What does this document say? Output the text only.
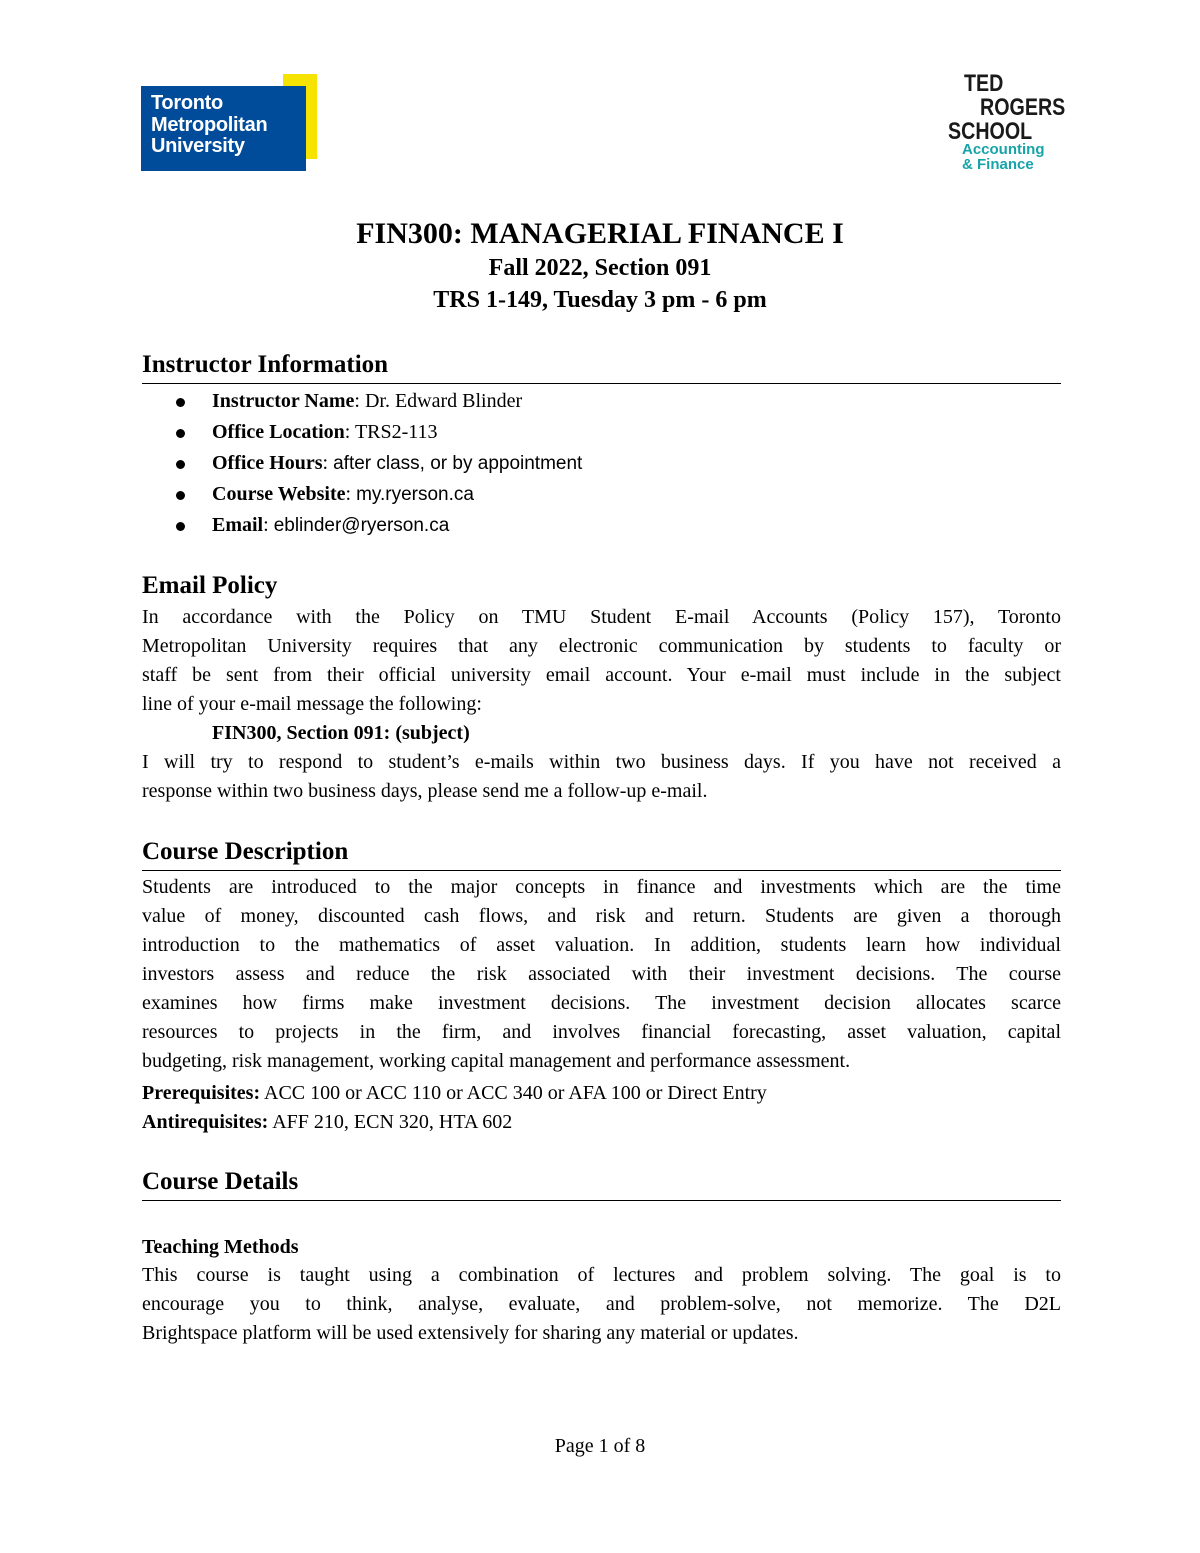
Toronto
Metropolitan
University
TED
ROGERS
SCHOOL
Accounting
& Finance
FIN300: MANAGERIAL FINANCE I
Fall 2022, Section 091
TRS 1-149, Tuesday 3 pm - 6 pm
Instructor Information
Instructor Name: Dr. Edward Blinder
Office Location: TRS2-113
Office Hours: after class, or by appointment
Course Website: my.ryerson.ca
Email: eblinder@ryerson.ca
Email Policy
In accordance with the Policy on TMU Student E-mail Accounts (Policy 157), Toronto
Metropolitan University requires that any electronic communication by students to faculty or
staff be sent from their official university email account. Your e-mail must include in the subject
line of your e-mail message the following:
FIN300, Section 091: (subject)
I will try to respond to student’s e-mails within two business days. If you have not received a
response within two business days, please send me a follow-up e-mail.
Course Description
Students are introduced to the major concepts in finance and investments which are the time
value of money, discounted cash flows, and risk and return. Students are given a thorough
introduction to the mathematics of asset valuation. In addition, students learn how individual
investors assess and reduce the risk associated with their investment decisions. The course
examines how firms make investment decisions. The investment decision allocates scarce
resources to projects in the firm, and involves financial forecasting, asset valuation, capital
budgeting, risk management, working capital management and performance assessment.
Prerequisites: ACC 100 or ACC 110 or ACC 340 or AFA 100 or Direct Entry
Antirequisites: AFF 210, ECN 320, HTA 602
Course Details
Teaching Methods
This course is taught using a combination of lectures and problem solving. The goal is to
encourage you to think, analyse, evaluate, and problem-solve, not memorize. The D2L
Brightspace platform will be used extensively for sharing any material or updates.
Page 1 of 8
